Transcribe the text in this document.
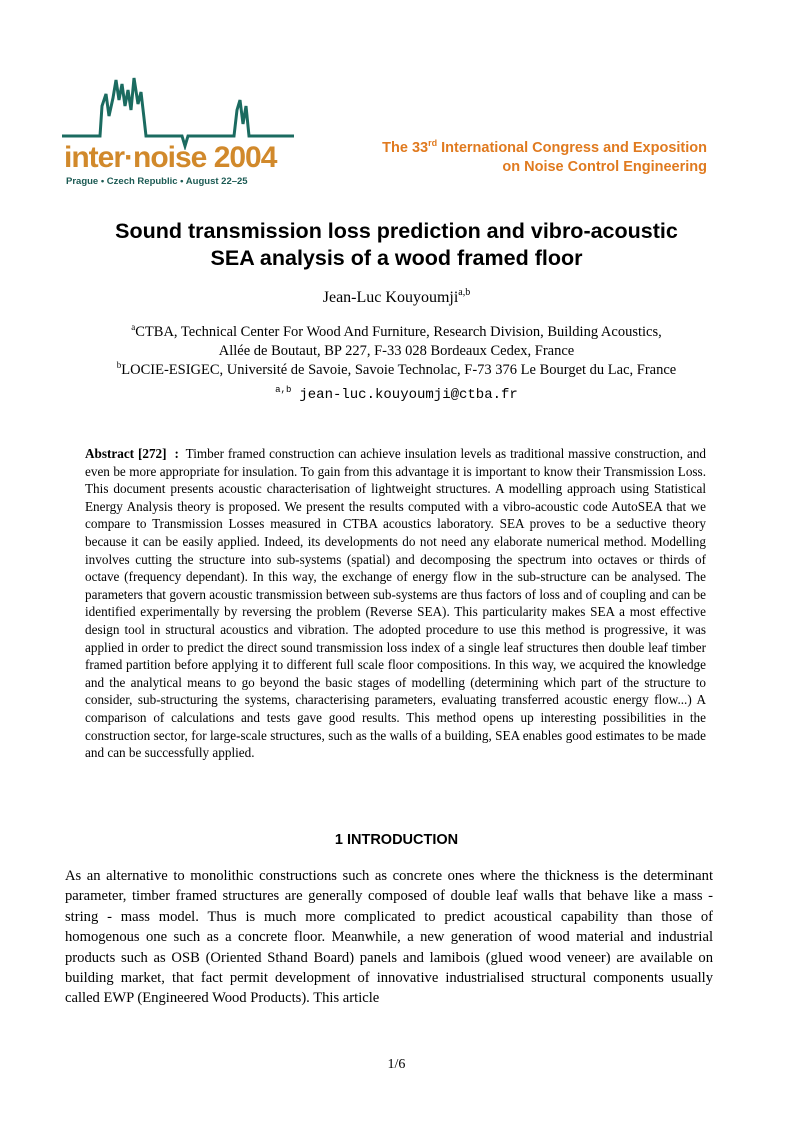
inter·noise 2004
Prague • Czech Republic • August 22–25
The 33rd International Congress and Exposition
on Noise Control Engineering
Sound transmission loss prediction and vibro-acoustic
SEA analysis of a wood framed floor
Jean-Luc Kouyoumji$^{a,b}$
$^a$CTBA, Technical Center For Wood And Furniture, Research Division, Building Acoustics,
Allée de Boutaut, BP 227, F-33 028 Bordeaux Cedex, France
$^b$LOCIE-ESIGEC, Université de Savoie, Savoie Technolac, F-73 376 Le Bourget du Lac, France
$^{a,b}$ jean-luc.kouyoumji@ctba.fr

Abstract [272] : Timber framed construction can achieve insulation levels as traditional massive construction, and even be more appropriate for insulation. To gain from this advantage it is important to know their Transmission Loss. This document presents acoustic characterisation of lightweight structures. A modelling approach using Statistical Energy Analysis theory is proposed. We present the results computed with a vibro-acoustic code AutoSEA that we compare to Transmission Losses measured in CTBA acoustics laboratory. SEA proves to be a seductive theory because it can be easily applied. Indeed, its developments do not need any elaborate numerical method. Modelling involves cutting the structure into sub-systems (spatial) and decomposing the spectrum into octaves or thirds of octave (frequency dependant). In this way, the exchange of energy flow in the sub-structure can be analysed. The parameters that govern acoustic transmission between sub-systems are thus factors of loss and of coupling and can be identified experimentally by reversing the problem (Reverse SEA). This particularity makes SEA a most effective design tool in structural acoustics and vibration. The adopted procedure to use this method is progressive, it was applied in order to predict the direct sound transmission loss index of a single leaf structures then double leaf timber framed partition before applying it to different full scale floor compositions. In this way, we acquired the knowledge and the analytical means to go beyond the basic stages of modelling (determining which part of the structure to consider, sub-structuring the systems, characterising parameters, evaluating transferred acoustic energy flow...) A comparison of calculations and tests gave good results. This method opens up interesting possibilities in the construction sector, for large-scale structures, such as the walls of a building, SEA enables good estimates to be made and can be successfully applied.

1 INTRODUCTION

As an alternative to monolithic constructions such as concrete ones where the thickness is the determinant parameter, timber framed structures are generally composed of double leaf walls that behave like a mass - string - mass model. Thus is much more complicated to predict acoustical capability than those of homogenous one such as a concrete floor. Meanwhile, a new generation of wood material and industrial products such as OSB (Oriented Sthand Board) panels and lamibois (glued wood veneer) are available on building market, that fact permit development of innovative industrialised structural components usually called EWP (Engineered Wood Products). This article

1/6
